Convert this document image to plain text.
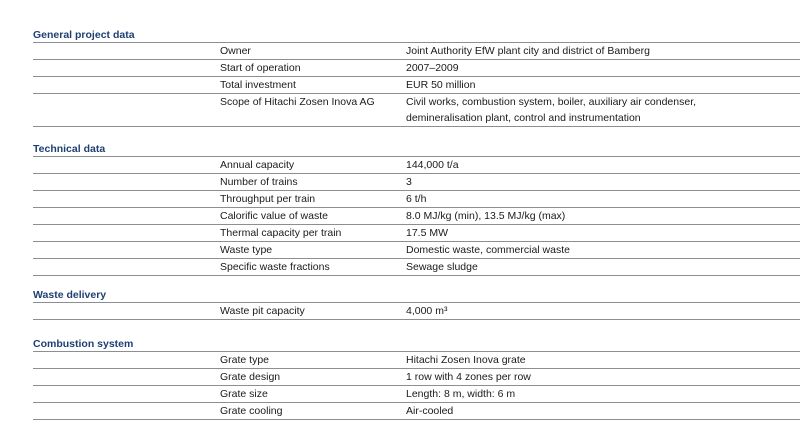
General project data
Owner	Joint Authority EfW plant city and district of Bamberg
Start of operation	2007–2009
Total investment	EUR 50 million
Scope of Hitachi Zosen Inova AG	Civil works, combustion system, boiler, auxiliary air condenser,
demineralisation plant, control and instrumentation
Technical data
Annual capacity	144,000 t/a
Number of trains	3
Throughput per train	6 t/h
Calorific value of waste	8.0 MJ/kg (min), 13.5 MJ/kg (max)
Thermal capacity per train	17.5 MW
Waste type	Domestic waste, commercial waste
Specific waste fractions	Sewage sludge
Waste delivery
Waste pit capacity	4,000 m³
Combustion system
Grate type	Hitachi Zosen Inova grate
Grate design	1 row with 4 zones per row
Grate size	Length: 8 m, width: 6 m
Grate cooling	Air-cooled
